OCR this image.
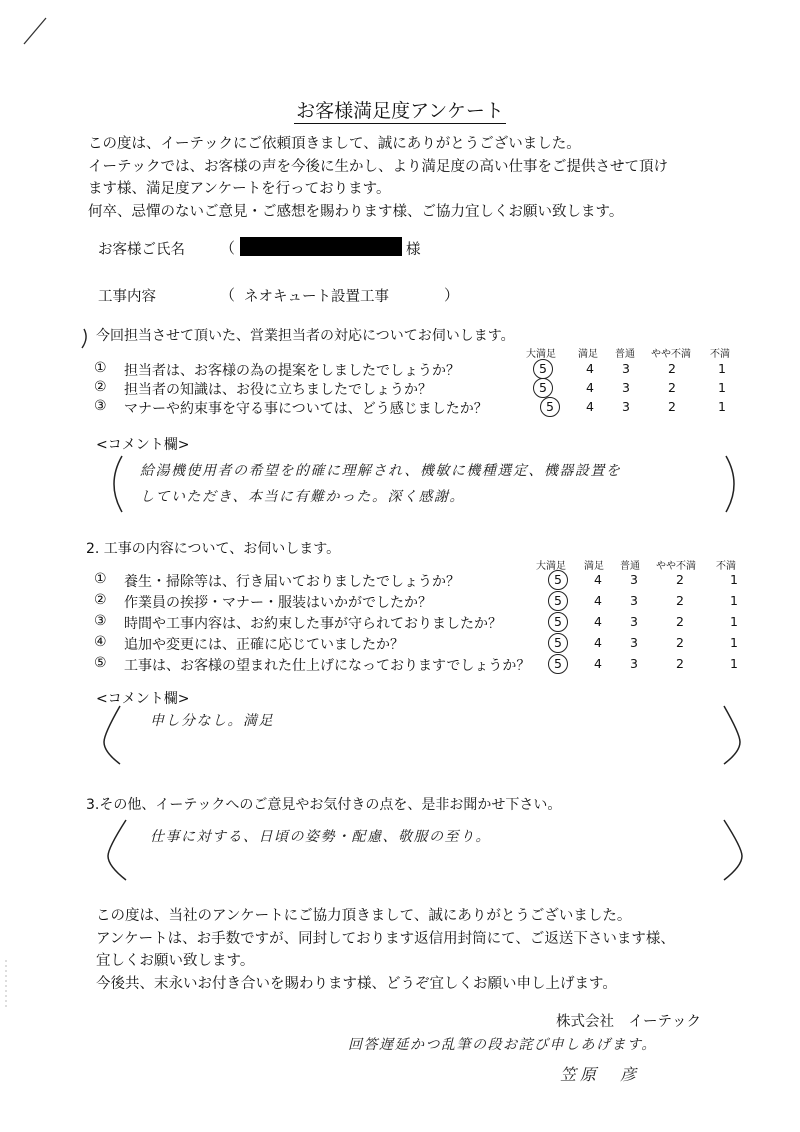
お客様満足度アンケート
この度は、イーテックにご依頼頂きまして、誠にありがとうございました。
イーテックでは、お客様の声を今後に生かし、より満足度の高い仕事をご提供させて頂け
ます様、満足度アンケートを行っております。
何卒、忌憚のないご意見・ご感想を賜わります様、ご協力宜しくお願い致します。
お客様ご氏名 （	様
工事内容	（ ネオキュート設置工事	）
今回担当させて頂いた、営業担当者の対応についてお伺いします。
大満足 満足 普通 やや不満 不満
① 担当者は、お客様の為の提案をしましたでしょうか？	5	4	3	2	1
② 担当者の知識は、お役に立ちましたでしょうか？	5	4	3	2	1
③ マナーや約束事を守る事については、どう感じましたか？	5	4	3	2	1
<コメント欄>
給湯機使用者の希望を的確に理解され、機敏に機種選定、機器設置を
していただき、本当に有難かった。深く感謝。
2. 工事の内容について、お伺いします。
大満足 満足 普通 やや不満 不満
① 養生・掃除等は、行き届いておりましたでしょうか？	5	4	3	2	1
② 作業員の挨拶・マナー・服装はいかがでしたか？	5	4	3	2	1
③ 時間や工事内容は、お約束した事が守られておりましたか？	5	4	3	2	1
④ 追加や変更には、正確に応じていましたか？	5	4	3	2	1
⑤ 工事は、お客様の望まれた仕上げになっておりますでしょうか？	5	4	3	2	1
<コメント欄>
申し分なし。満足
3.その他、イーテックへのご意見やお気付きの点を、是非お聞かせ下さい。
仕事に対する、日頃の姿勢・配慮、敬服の至り。
この度は、当社のアンケートにご協力頂きまして、誠にありがとうございました。
アンケートは、お手数ですが、同封しております返信用封筒にて、ご返送下さいます様、
宜しくお願い致します。
今後共、末永いお付き合いを賜わります様、どうぞ宜しくお願い申し上げます。
株式会社　イーテック
回答遅延かつ乱筆の段お詫び申しあげます。
笠原　彦
